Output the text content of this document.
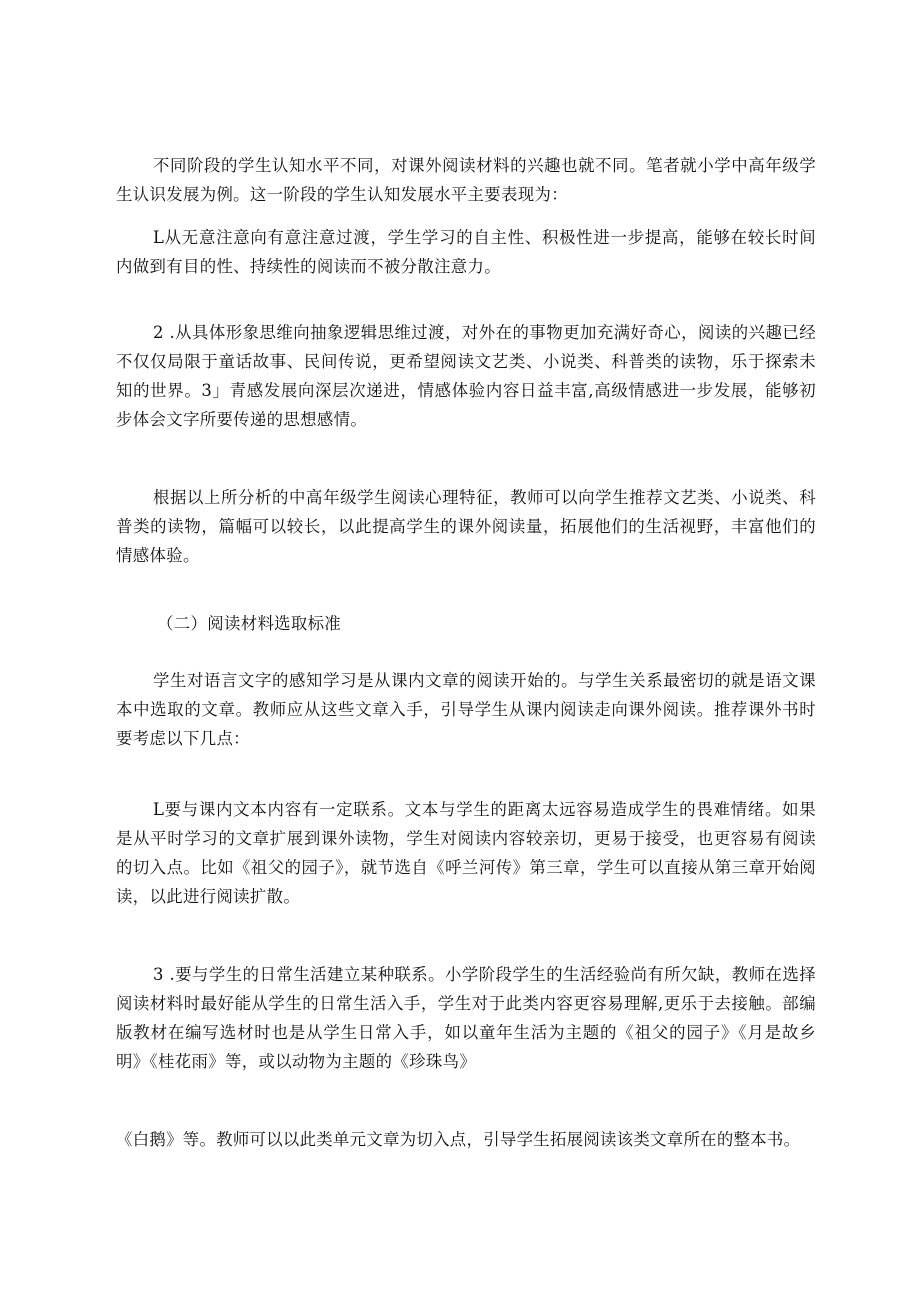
不同阶段的学生认知水平不同，对课外阅读材料的兴趣也就不同。笔者就小学中高年级学生认识发展为例。这一阶段的学生认知发展水平主要表现为：

L从无意注意向有意注意过渡，学生学习的自主性、积极性进一步提高，能够在较长时间内做到有目的性、持续性的阅读而不被分散注意力。

2 .从具体形象思维向抽象逻辑思维过渡，对外在的事物更加充满好奇心，阅读的兴趣已经不仅仅局限于童话故事、民间传说，更希望阅读文艺类、小说类、科普类的读物，乐于探索未知的世界。3」青感发展向深层次递进，情感体验内容日益丰富,高级情感进一步发展，能够初步体会文字所要传递的思想感情。

根据以上所分析的中高年级学生阅读心理特征，教师可以向学生推荐文艺类、小说类、科普类的读物，篇幅可以较长，以此提高学生的课外阅读量，拓展他们的生活视野，丰富他们的情感体验。

（二）阅读材料选取标准

学生对语言文字的感知学习是从课内文章的阅读开始的。与学生关系最密切的就是语文课本中选取的文章。教师应从这些文章入手，引导学生从课内阅读走向课外阅读。推荐课外书时要考虑以下几点：

L要与课内文本内容有一定联系。文本与学生的距离太远容易造成学生的畏难情绪。如果是从平时学习的文章扩展到课外读物，学生对阅读内容较亲切，更易于接受，也更容易有阅读的切入点。比如《祖父的园子》，就节选自《呼兰河传》第三章，学生可以直接从第三章开始阅读，以此进行阅读扩散。

3 .要与学生的日常生活建立某种联系。小学阶段学生的生活经验尚有所欠缺，教师在选择阅读材料时最好能从学生的日常生活入手，学生对于此类内容更容易理解,更乐于去接触。部编版教材在编写选材时也是从学生日常入手，如以童年生活为主题的《祖父的园子》《月是故乡明》《桂花雨》等，或以动物为主题的《珍珠鸟》

《白鹅》等。教师可以以此类单元文章为切入点，引导学生拓展阅读该类文章所在的整本书。
